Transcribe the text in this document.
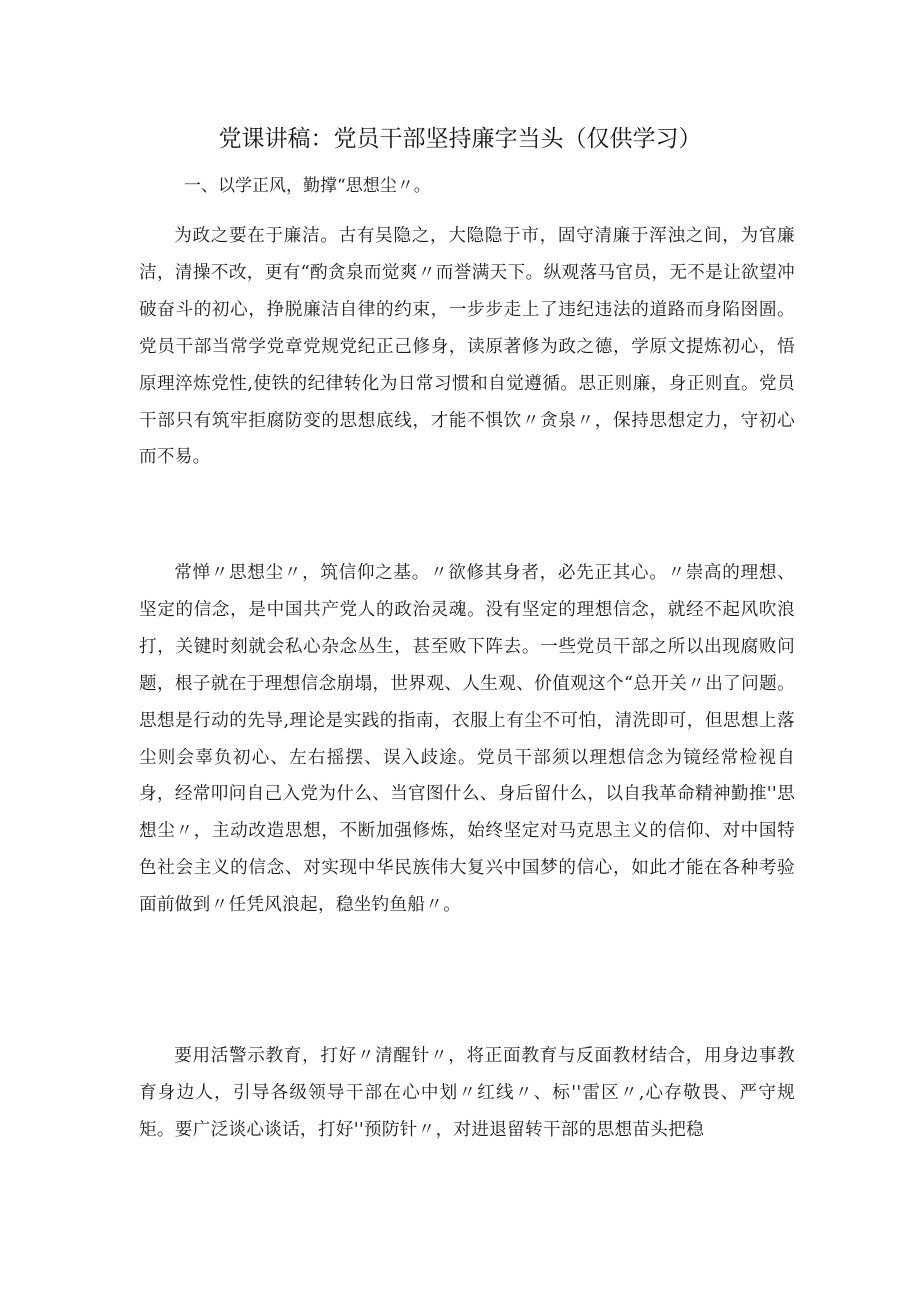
党课讲稿：党员干部坚持廉字当头（仅供学习）

一、以学正风，勤撑“思想尘〃。

为政之要在于廉洁。古有吴隐之，大隐隐于市，固守清廉于浑浊之间，为官廉洁，清操不改，更有“酌贪泉而觉爽〃而誉满天下。纵观落马官员，无不是让欲望冲破奋斗的初心，挣脱廉洁自律的约束，一步步走上了违纪违法的道路而身陷囹圄。党员干部当常学党章党规党纪正己修身，读原著修为政之德，学原文提炼初心，悟原理淬炼党性,使铁的纪律转化为日常习惯和自觉遵循。思正则廉，身正则直。党员干部只有筑牢拒腐防变的思想底线，才能不惧饮〃贪泉〃，保持思想定力，守初心而不易。

常惮〃思想尘〃，筑信仰之基。〃欲修其身者，必先正其心。〃崇高的理想、坚定的信念，是中国共产党人的政治灵魂。没有坚定的理想信念，就经不起风吹浪打，关键时刻就会私心杂念丛生，甚至败下阵去。一些党员干部之所以出现腐败问题，根子就在于理想信念崩塌，世界观、人生观、价值观这个“总开关〃出了问题。思想是行动的先导,理论是实践的指南，衣服上有尘不可怕，清洗即可，但思想上落尘则会辜负初心、左右摇摆、误入歧途。党员干部须以理想信念为镜经常检视自身，经常叩问自己入党为什么、当官图什么、身后留什么，以自我革命精神勤推''思想尘〃，主动改造思想，不断加强修炼，始终坚定对马克思主义的信仰、对中国特色社会主义的信念、对实现中华民族伟大复兴中国梦的信心，如此才能在各种考验面前做到〃任凭风浪起，稳坐钓鱼船〃。

要用活警示教育，打好〃清醒针〃，将正面教育与反面教材结合，用身边事教育身边人，引导各级领导干部在心中划〃红线〃、标''雷区〃,心存敬畏、严守规矩。要广泛谈心谈话，打好''预防针〃，对进退留转干部的思想苗头把稳
